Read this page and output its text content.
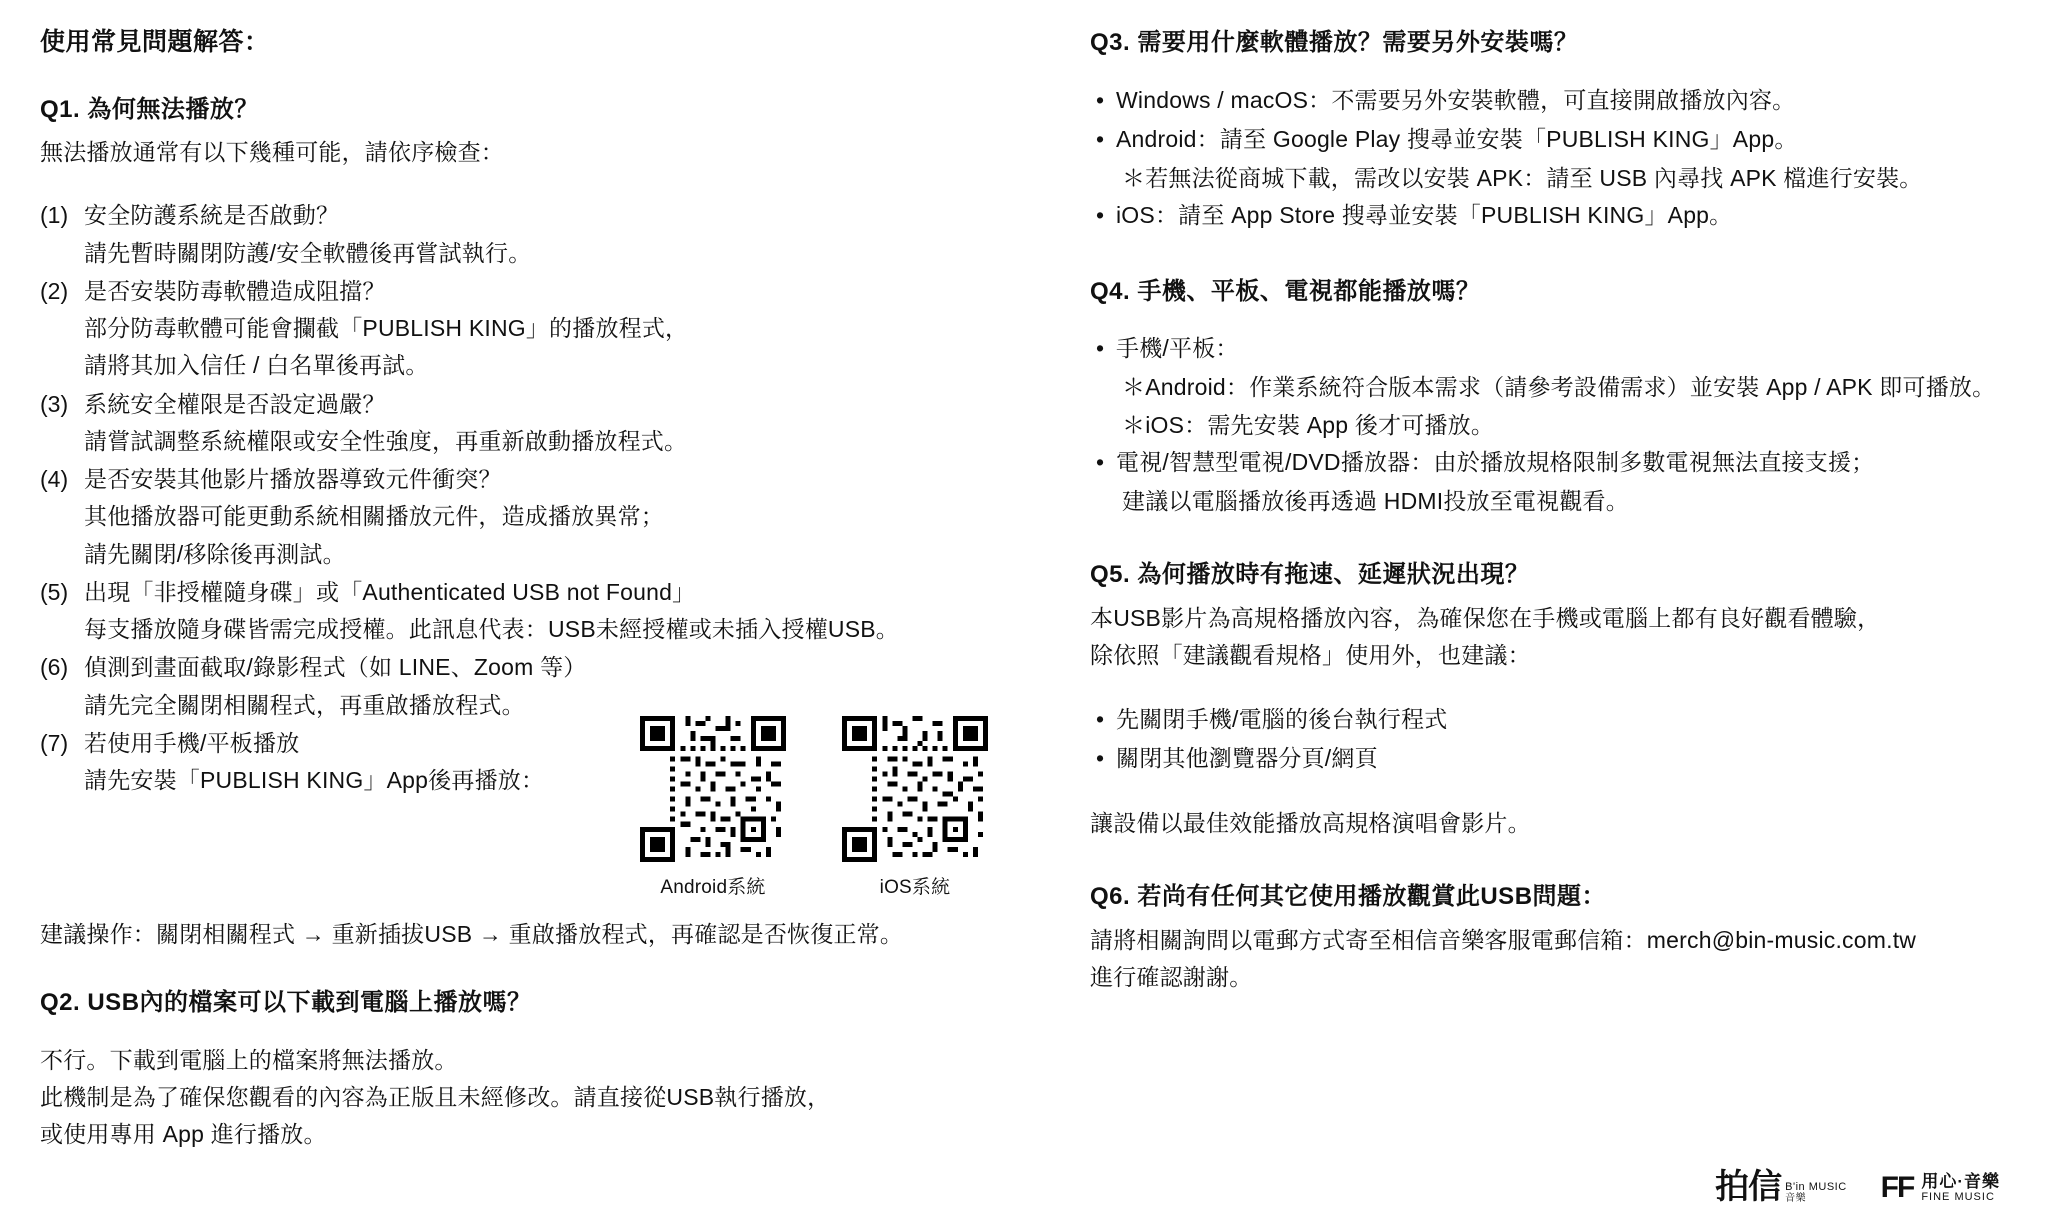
使用常見問題解答：
Q1. 為何無法播放？
無法播放通常有以下幾種可能，請依序檢查：
(1) 安全防護系統是否啟動？
請先暫時關閉防護/安全軟體後再嘗試執行。
(2) 是否安裝防毒軟體造成阻擋？
部分防毒軟體可能會攔截「PUBLISH KING」的播放程式，
請將其加入信任 / 白名單後再試。
(3) 系統安全權限是否設定過嚴？
請嘗試調整系統權限或安全性強度，再重新啟動播放程式。
(4) 是否安裝其他影片播放器導致元件衝突？
其他播放器可能更動系統相關播放元件，造成播放異常；
請先關閉/移除後再測試。
(5) 出現「非授權隨身碟」或「Authenticated USB not Found」
每支播放隨身碟皆需完成授權。此訊息代表：USB未經授權或未插入授權USB。
(6) 偵測到畫面截取/錄影程式（如 LINE、Zoom 等）
請先完全關閉相關程式，再重啟播放程式。
(7) 若使用手機/平板播放
請先安裝「PUBLISH KING」App後再播放：
Android系統	iOS系統
建議操作：關閉相關程式 → 重新插拔USB → 重啟播放程式，再確認是否恢復正常。
Q2. USB內的檔案可以下載到電腦上播放嗎？
不行。下載到電腦上的檔案將無法播放。
此機制是為了確保您觀看的內容為正版且未經修改。請直接從USB執行播放，
或使用專用 App 進行播放。
Q3. 需要用什麼軟體播放？需要另外安裝嗎？
• Windows / macOS：不需要另外安裝軟體，可直接開啟播放內容。
• Android：請至 Google Play 搜尋並安裝「PUBLISH KING」App。
＊若無法從商城下載，需改以安裝 APK：請至 USB 內尋找 APK 檔進行安裝。
• iOS：請至 App Store 搜尋並安裝「PUBLISH KING」App。
Q4. 手機、平板、電視都能播放嗎？
• 手機/平板：
＊Android：作業系統符合版本需求（請參考設備需求）並安裝 App / APK 即可播放。
＊iOS：需先安裝 App 後才可播放。
• 電視/智慧型電視/DVD播放器：由於播放規格限制多數電視無法直接支援；
建議以電腦播放後再透過 HDMI投放至電視觀看。
Q5. 為何播放時有拖速、延遲狀況出現？
本USB影片為高規格播放內容，為確保您在手機或電腦上都有良好觀看體驗，
除依照「建議觀看規格」使用外，也建議：
• 先關閉手機/電腦的後台執行程式
• 關閉其他瀏覽器分頁/網頁
讓設備以最佳效能播放高規格演唱會影片。
Q6. 若尚有任何其它使用播放觀賞此USB問題：
請將相關詢問以電郵方式寄至相信音樂客服電郵信箱：merch@bin-music.com.tw
進行確認謝謝。
拍信 B'in MUSIC
音樂	FF 用心·音樂
FINE MUSIC
